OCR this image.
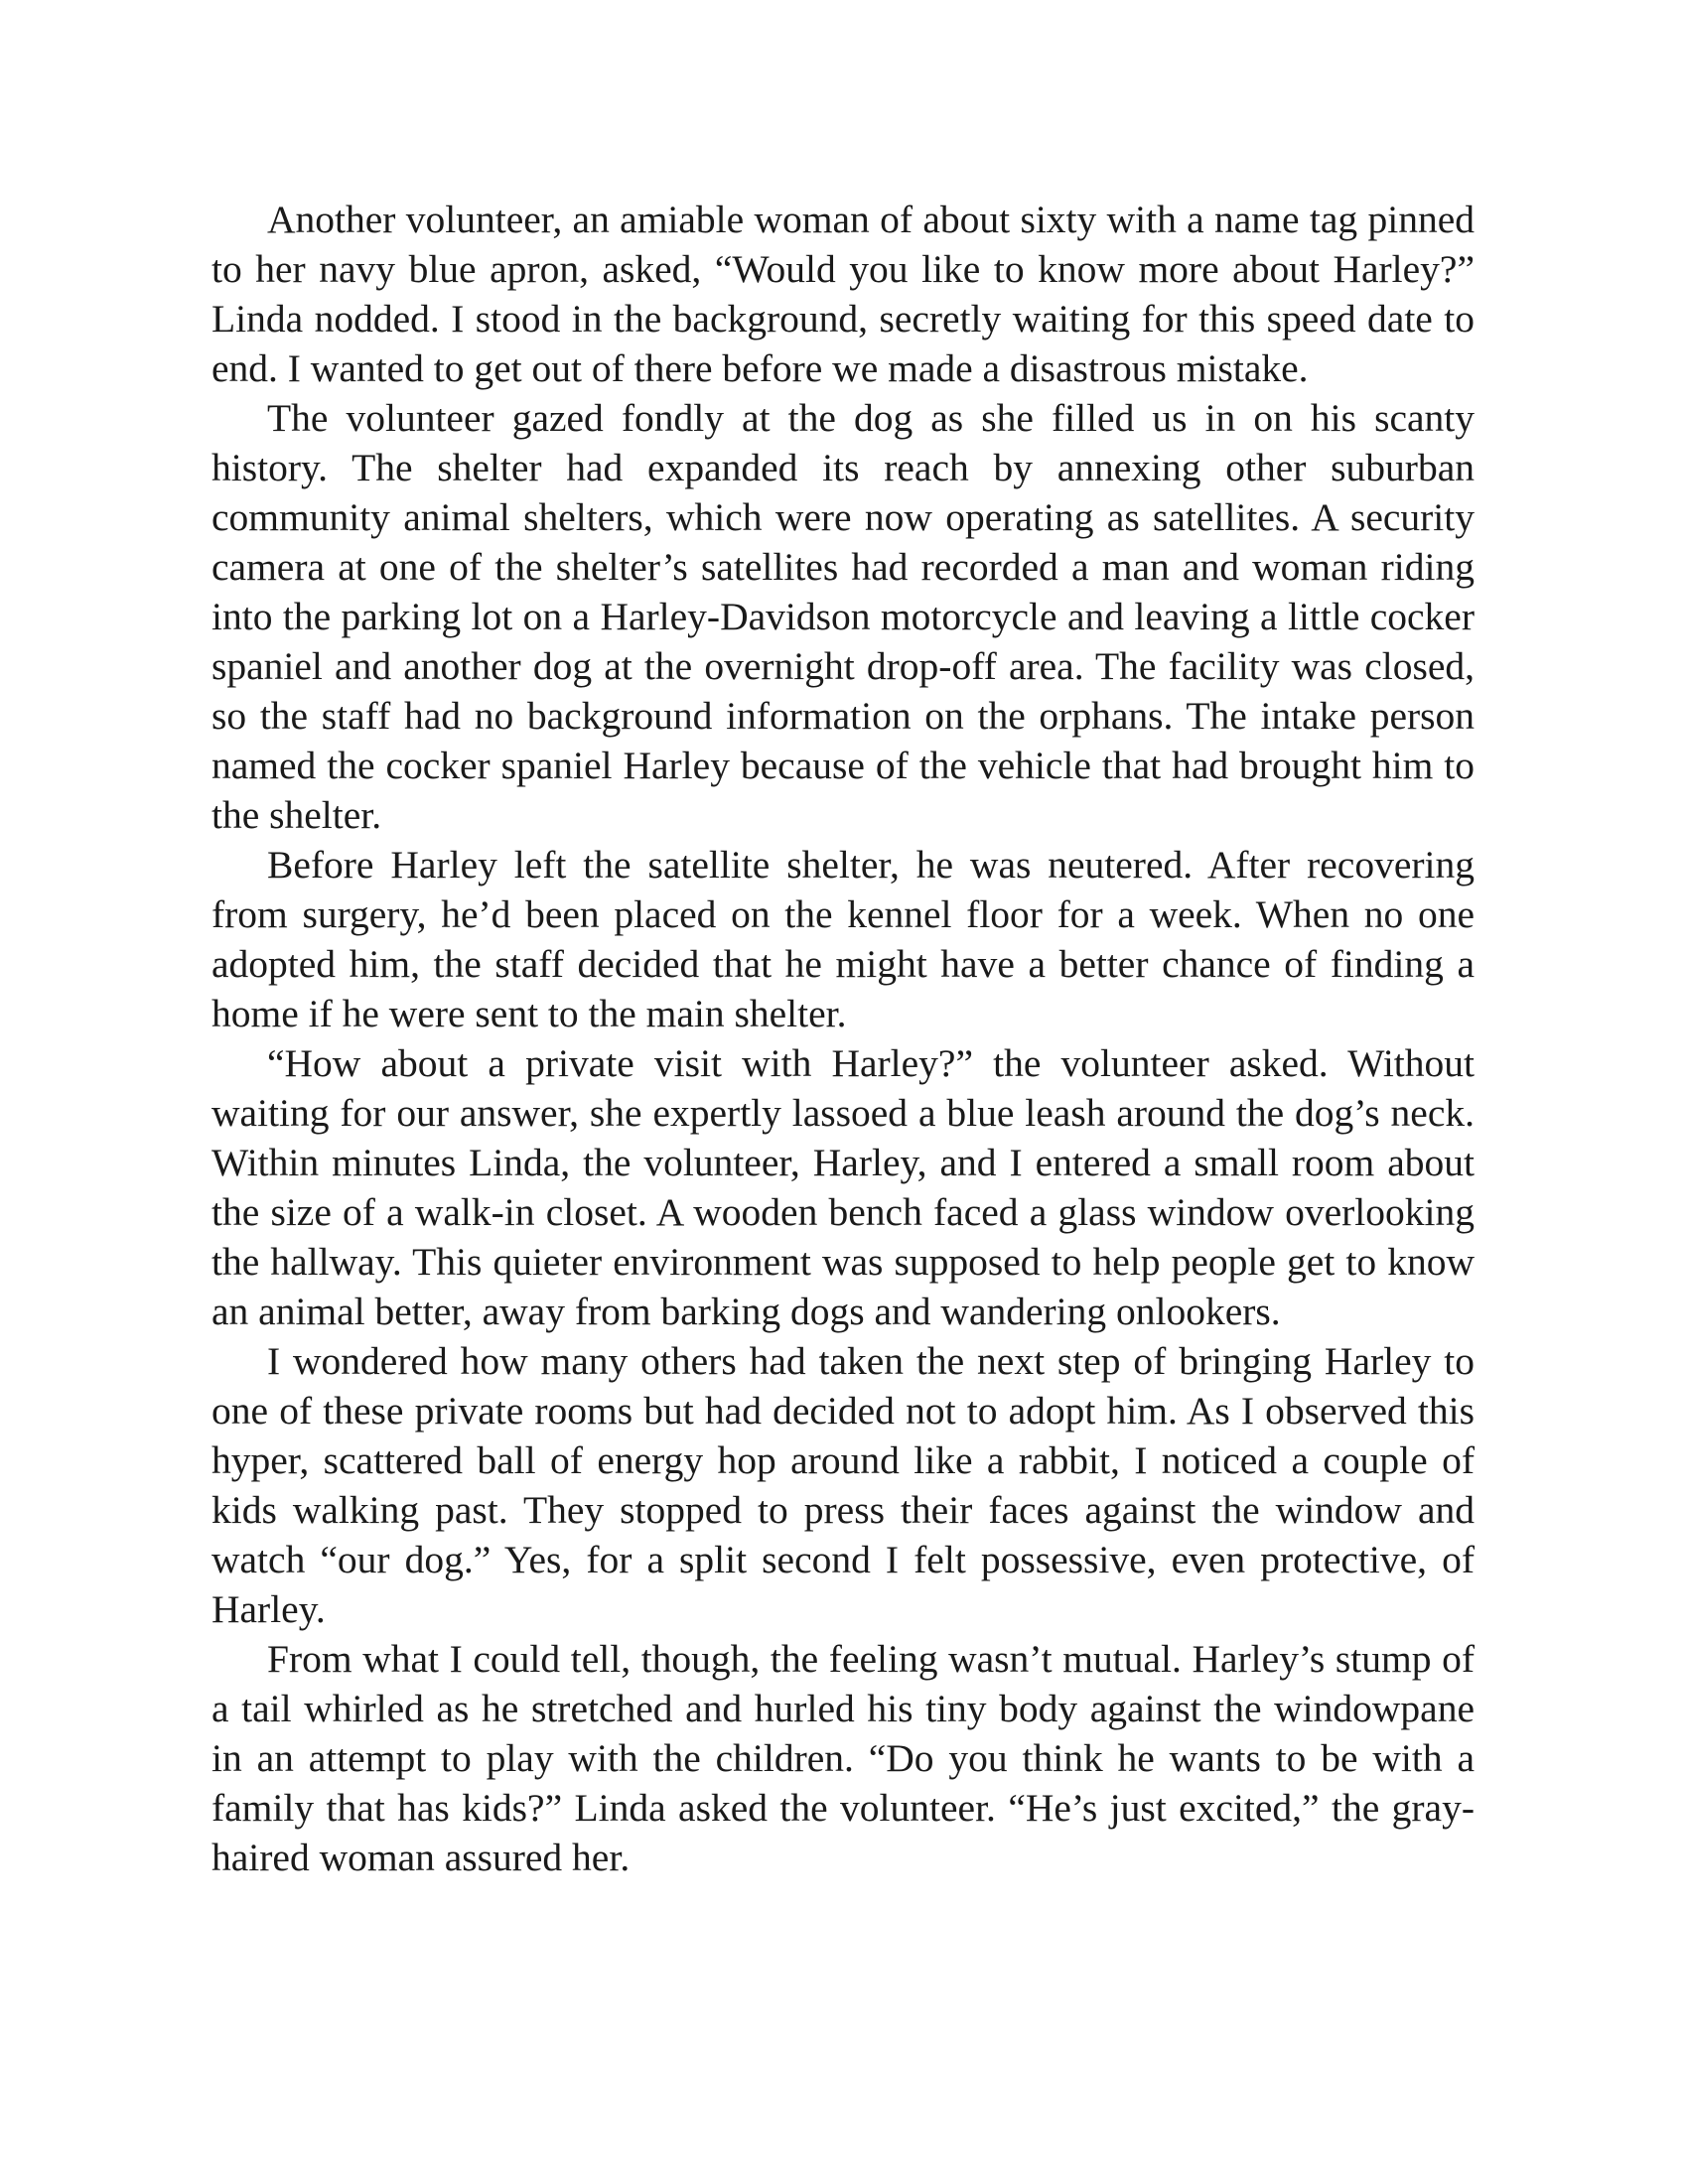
Another volunteer, an amiable woman of about sixty with a name tag pinned to her navy blue apron, asked, “Would you like to know more about Harley?” Linda nodded. I stood in the background, secretly waiting for this speed date to end. I wanted to get out of there before we made a disastrous mistake.

The volunteer gazed fondly at the dog as she filled us in on his scanty history. The shelter had expanded its reach by annexing other suburban community animal shelters, which were now operating as satellites. A security camera at one of the shelter’s satellites had recorded a man and woman riding into the parking lot on a Harley-Davidson motorcycle and leaving a little cocker spaniel and another dog at the overnight drop-off area. The facility was closed, so the staff had no background information on the orphans. The intake person named the cocker spaniel Harley because of the vehicle that had brought him to the shelter.

Before Harley left the satellite shelter, he was neutered. After recovering from surgery, he’d been placed on the kennel floor for a week. When no one adopted him, the staff decided that he might have a better chance of finding a home if he were sent to the main shelter.

“How about a private visit with Harley?” the volunteer asked. Without waiting for our answer, she expertly lassoed a blue leash around the dog’s neck. Within minutes Linda, the volunteer, Harley, and I entered a small room about the size of a walk-in closet. A wooden bench faced a glass window overlooking the hallway. This quieter environment was supposed to help people get to know an animal better, away from barking dogs and wandering onlookers.

I wondered how many others had taken the next step of bringing Harley to one of these private rooms but had decided not to adopt him. As I observed this hyper, scattered ball of energy hop around like a rabbit, I noticed a couple of kids walking past. They stopped to press their faces against the window and watch “our dog.” Yes, for a split second I felt possessive, even protective, of Harley.

From what I could tell, though, the feeling wasn’t mutual. Harley’s stump of a tail whirled as he stretched and hurled his tiny body against the windowpane in an attempt to play with the children. “Do you think he wants to be with a family that has kids?” Linda asked the volunteer. “He’s just excited,” the gray-haired woman assured her.
